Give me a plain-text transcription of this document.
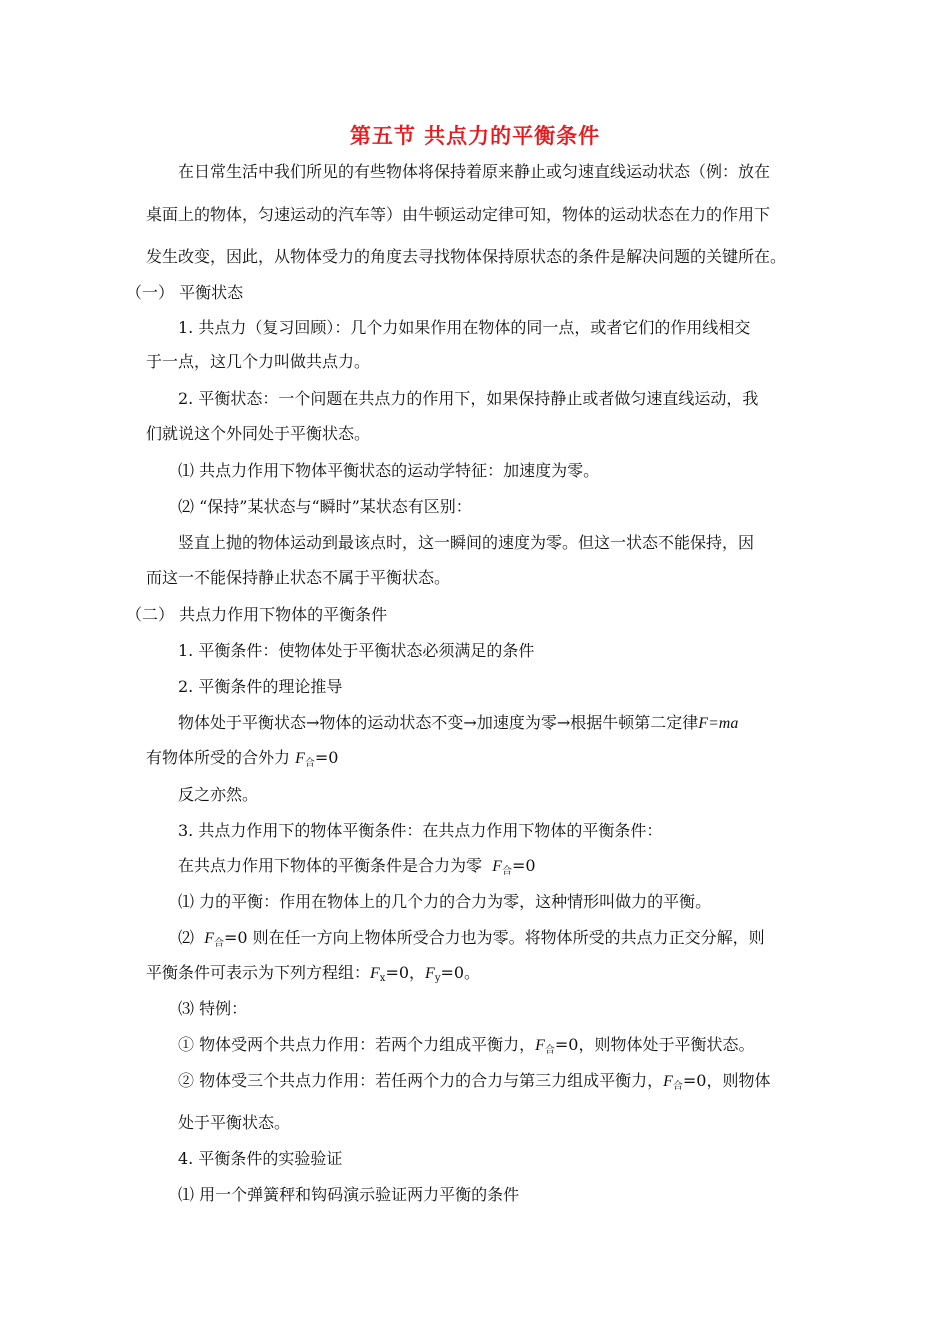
第五节 共点力的平衡条件
在日常生活中我们所见的有些物体将保持着原来静止或匀速直线运动状态（例：放在
桌面上的物体，匀速运动的汽车等）由牛顿运动定律可知，物体的运动状态在力的作用下
发生改变，因此，从物体受力的角度去寻找物体保持原状态的条件是解决问题的关键所在。
（一） 平衡状态
1. 共点力（复习回顾）：几个力如果作用在物体的同一点，或者它们的作用线相交
于一点，这几个力叫做共点力。
2. 平衡状态：一个问题在共点力的作用下，如果保持静止或者做匀速直线运动，我
们就说这个外同处于平衡状态。
⑴ 共点力作用下物体平衡状态的运动学特征：加速度为零。
⑵ “保持”某状态与“瞬时”某状态有区别：
竖直上抛的物体运动到最该点时，这一瞬间的速度为零。但这一状态不能保持，因
而这一不能保持静止状态不属于平衡状态。
（二） 共点力作用下物体的平衡条件
1. 平衡条件：使物体处于平衡状态必须满足的条件
2. 平衡条件的理论推导
物体处于平衡状态→物体的运动状态不变→加速度为零→根据牛顿第二定律F=ma
有物体所受的合外力 $F_合=0$
反之亦然。
3. 共点力作用下的物体平衡条件：在共点力作用下物体的平衡条件：
在共点力作用下物体的平衡条件是合力为零 $F_合=0$
⑴ 力的平衡：作用在物体上的几个力的合力为零，这种情形叫做力的平衡。
⑵ $F_合=0$ 则在任一方向上物体所受合力也为零。将物体所受的共点力正交分解，则
平衡条件可表示为下列方程组：$F_x=0$，$F_y=0$。
⑶ 特例：
① 物体受两个共点力作用：若两个力组成平衡力，$F_合=0$，则物体处于平衡状态。
② 物体受三个共点力作用：若任两个力的合力与第三力组成平衡力，$F_合=0$，则物体
处于平衡状态。
4. 平衡条件的实验验证
⑴ 用一个弹簧秤和钩码演示验证两力平衡的条件
